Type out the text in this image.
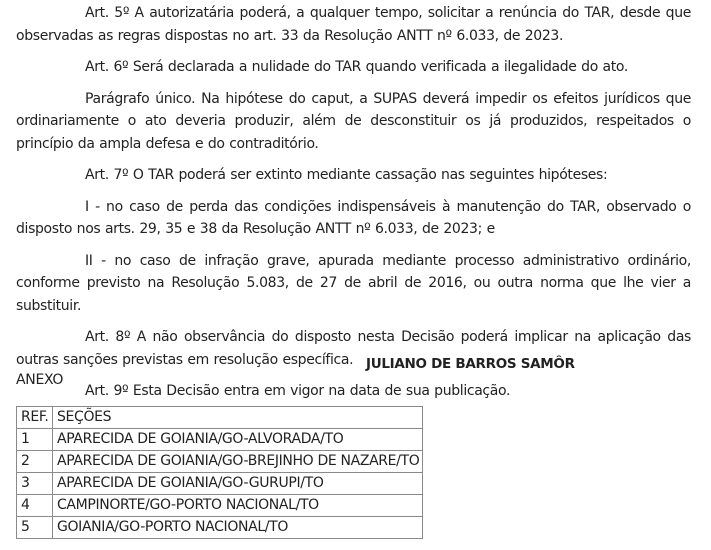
Art. 5º A autorizatária poderá, a qualquer tempo, solicitar a renúncia do TAR, desde que observadas as regras dispostas no art. 33 da Resolução ANTT nº 6.033, de 2023.

Art. 6º Será declarada a nulidade do TAR quando verificada a ilegalidade do ato.

Parágrafo único. Na hipótese do caput, a SUPAS deverá impedir os efeitos jurídicos que ordinariamente o ato deveria produzir, além de desconstituir os já produzidos, respeitados o princípio da ampla defesa e do contraditório.

Art. 7º O TAR poderá ser extinto mediante cassação nas seguintes hipóteses:

I - no caso de perda das condições indispensáveis à manutenção do TAR, observado o disposto nos arts. 29, 35 e 38 da Resolução ANTT nº 6.033, de 2023; e

II - no caso de infração grave, apurada mediante processo administrativo ordinário, conforme previsto na Resolução 5.083, de 27 de abril de 2016, ou outra norma que lhe vier a substituir.

Art. 8º A não observância do disposto nesta Decisão poderá implicar na aplicação das outras sanções previstas em resolução específica.

Art. 9º Esta Decisão entra em vigor na data de sua publicação.

JULIANO DE BARROS SAMÔR
ANEXO
REF.	SEÇÕES
1	APARECIDA DE GOIANIA/GO-ALVORADA/TO
2	APARECIDA DE GOIANIA/GO-BREJINHO DE NAZARE/TO
3	APARECIDA DE GOIANIA/GO-GURUPI/TO
4	CAMPINORTE/GO-PORTO NACIONAL/TO
5	GOIANIA/GO-PORTO NACIONAL/TO
